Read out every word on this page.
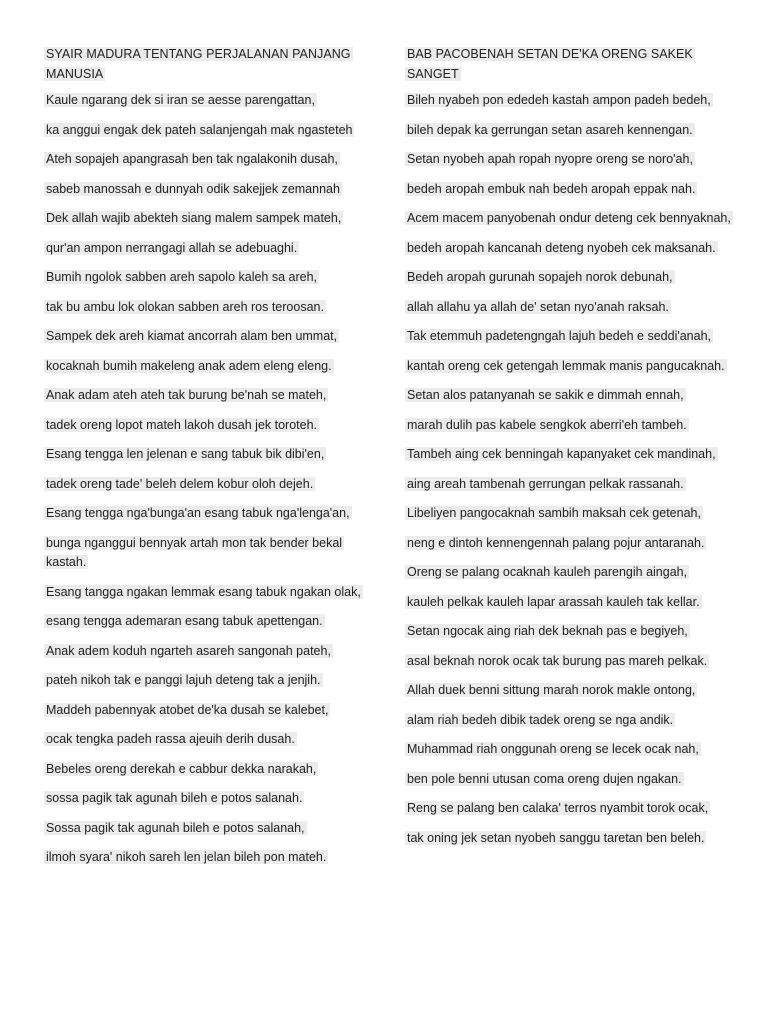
SYAIR MADURA TENTANG PERJALANAN PANJANG MANUSIA
Kaule ngarang dek si iran se aesse parengattan,
ka anggui engak dek pateh salanjengah mak ngasteteh
Ateh sopajeh apangrasah ben tak ngalakonih dusah,
sabeb manossah e dunnyah odik sakejjek zemannah
Dek allah wajib abekteh siang malem sampek mateh,
qur'an ampon nerrangagi allah se adebuaghi.
Bumih ngolok sabben areh sapolo kaleh sa areh,
tak bu ambu lok olokan sabben areh ros teroosan.
Sampek dek areh kiamat ancorrah alam ben ummat,
kocaknah bumih makeleng anak adem eleng eleng.
Anak adam ateh ateh tak burung be'nah se mateh,
tadek oreng lopot mateh lakoh dusah jek toroteh.
Esang tengga len jelenan e sang tabuk bik dibi'en,
tadek oreng tade' beleh delem kobur oloh dejeh.
Esang tengga nga'bunga'an esang tabuk nga'lenga'an,
bunga nganggui bennyak artah mon tak bender bekal kastah.
Esang tangga ngakan lemmak esang tabuk ngakan olak,
esang tengga ademaran esang tabuk apettengan.
Anak adem koduh ngarteh asareh sangonah pateh,
pateh nikoh tak e panggi lajuh deteng tak a jenjih.
Maddeh pabennyak atobet de'ka dusah se kalebet,
ocak tengka padeh rassa ajeuih derih dusah.
Bebeles oreng derekah e cabbur dekka narakah,
sossa pagik tak agunah bileh e potos salanah.
Sossa pagik tak agunah bileh e potos salanah,
ilmoh syara' nikoh sareh len jelan bileh pon mateh.
BAB PACOBENAH SETAN DE'KA ORENG SAKEK SANGET
Bileh nyabeh pon ededeh kastah ampon padeh bedeh,
bileh depak ka gerrungan setan asareh kennengan.
Setan nyobeh apah ropah nyopre oreng se noro'ah,
bedeh aropah embuk nah bedeh aropah eppak nah.
Acem macem panyobenah ondur deteng cek bennyaknah,
bedeh aropah kancanah deteng nyobeh cek maksanah.
Bedeh aropah gurunah sopajeh norok debunah,
allah allahu ya allah de' setan nyo'anah raksah.
Tak etemmuh padetengngah lajuh bedeh e seddi'anah,
kantah oreng cek getengah lemmak manis pangucaknah.
Setan alos patanyanah se sakik e dimmah ennah,
marah dulih pas kabele sengkok aberri'eh tambeh.
Tambeh aing cek benningah kapanyaket cek mandinah,
aing areah tambenah gerrungan pelkak rassanah.
Libeliyen pangocaknah sambih maksah cek getenah,
neng e dintoh kennengennah palang pojur antaranah.
Oreng se palang ocaknah kauleh parengih aingah,
kauleh pelkak kauleh lapar arassah kauleh tak kellar.
Setan ngocak aing riah dek beknah pas e begiyeh,
asal beknah norok ocak tak burung pas mareh pelkak.
Allah duek benni sittung marah norok makle ontong,
alam riah bedeh dibik tadek oreng se nga andik.
Muhammad riah onggunah oreng se lecek ocak nah,
ben pole benni utusan coma oreng dujen ngakan.
Reng se palang ben calaka' terros nyambit torok ocak,
tak oning jek setan nyobeh sanggu taretan ben beleh.
